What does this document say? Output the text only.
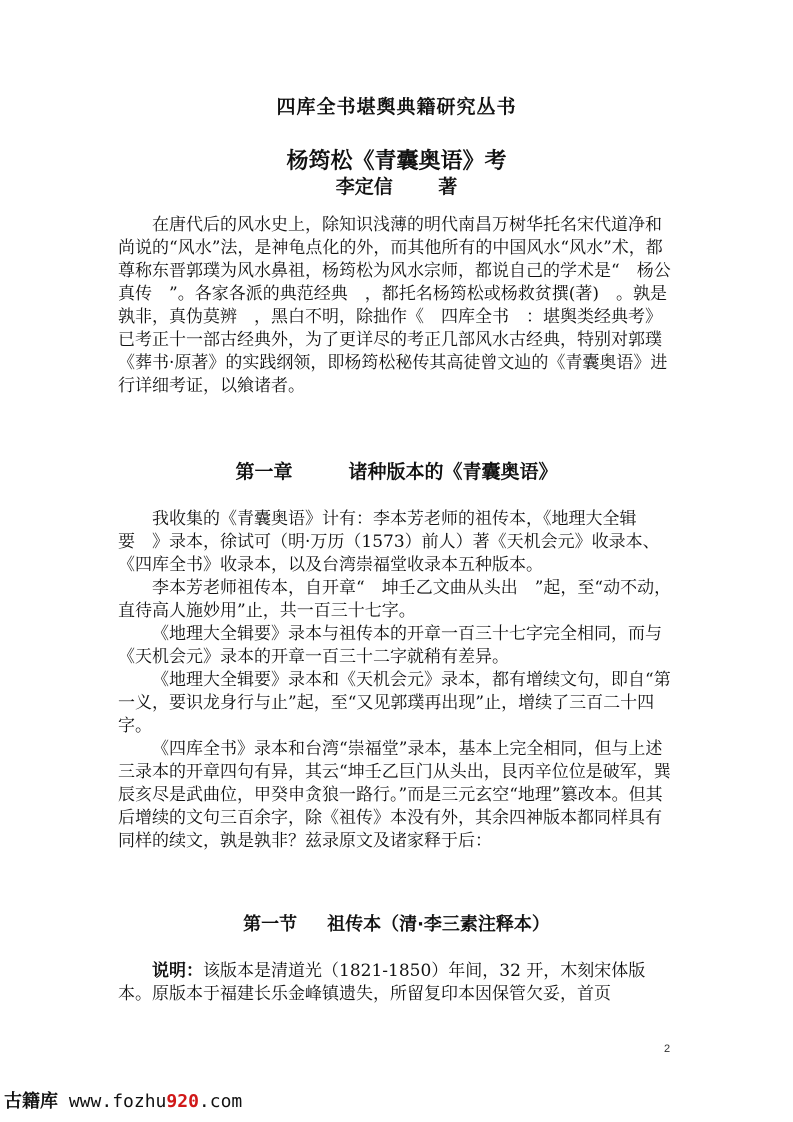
四库全书堪舆典籍研究丛书
杨筠松《青囊奥语》考
李定信　 著

在唐代后的风水史上，除知识浅薄的明代南昌万树华托名宋代道净和尚说的“风水”法，是神龟点化的外，而其他所有的中国风水“风水”术，都尊称东晋郭璞为风水鼻祖，杨筠松为风水宗师，都说自己的学术是“　杨公真传　”。各家各派的典范经典　，都托名杨筠松或杨救贫撰(著)　。孰是孰非，真伪莫辨　，黑白不明，除拙作《　四库全书　：堪舆类经典考》已考正十一部古经典外，为了更详尽的考正几部风水古经典，特别对郭璞《葬书·原著》的实践纲领，即杨筠松秘传其高徒曾文辿的《青囊奥语》进行详细考证，以飨诸者。

第一章	诸种版本的《青囊奥语》

我收集的《青囊奥语》计有：李本芳老师的祖传本，《地理大全辑要　》录本，徐试可（明·万历（1573）前人）著《天机会元》收录本、《四库全书》收录本，以及台湾崇福堂收录本五种版本。

李本芳老师祖传本，自开章“　坤壬乙文曲从头出　”起，至“动不动，直待高人施妙用”止，共一百三十七字。

《地理大全辑要》录本与祖传本的开章一百三十七字完全相同，而与《天机会元》录本的开章一百三十二字就稍有差异。

《地理大全辑要》录本和《天机会元》录本，都有增续文句，即自“第一义，要识龙身行与止”起，至“又见郭璞再出现”止，增续了三百二十四字。

《四库全书》录本和台湾“崇福堂”录本，基本上完全相同，但与上述三录本的开章四句有异，其云“坤壬乙巨门从头出，艮丙辛位位是破军，巽辰亥尽是武曲位，甲癸申贪狼一路行。”而是三元玄空“地理”篡改本。但其后增续的文句三百余字，除《祖传》本没有外，其余四神版本都同样具有同样的续文，孰是孰非？兹录原文及诸家释于后：

第一节 祖传本（清·李三素注释本）

说明：该版本是清道光（1821-1850）年间，32 开，木刻宋体版本。原版本于福建长乐金峰镇遗失，所留复印本因保管欠妥，首页

2
古籍库 www.fozhu920.com
